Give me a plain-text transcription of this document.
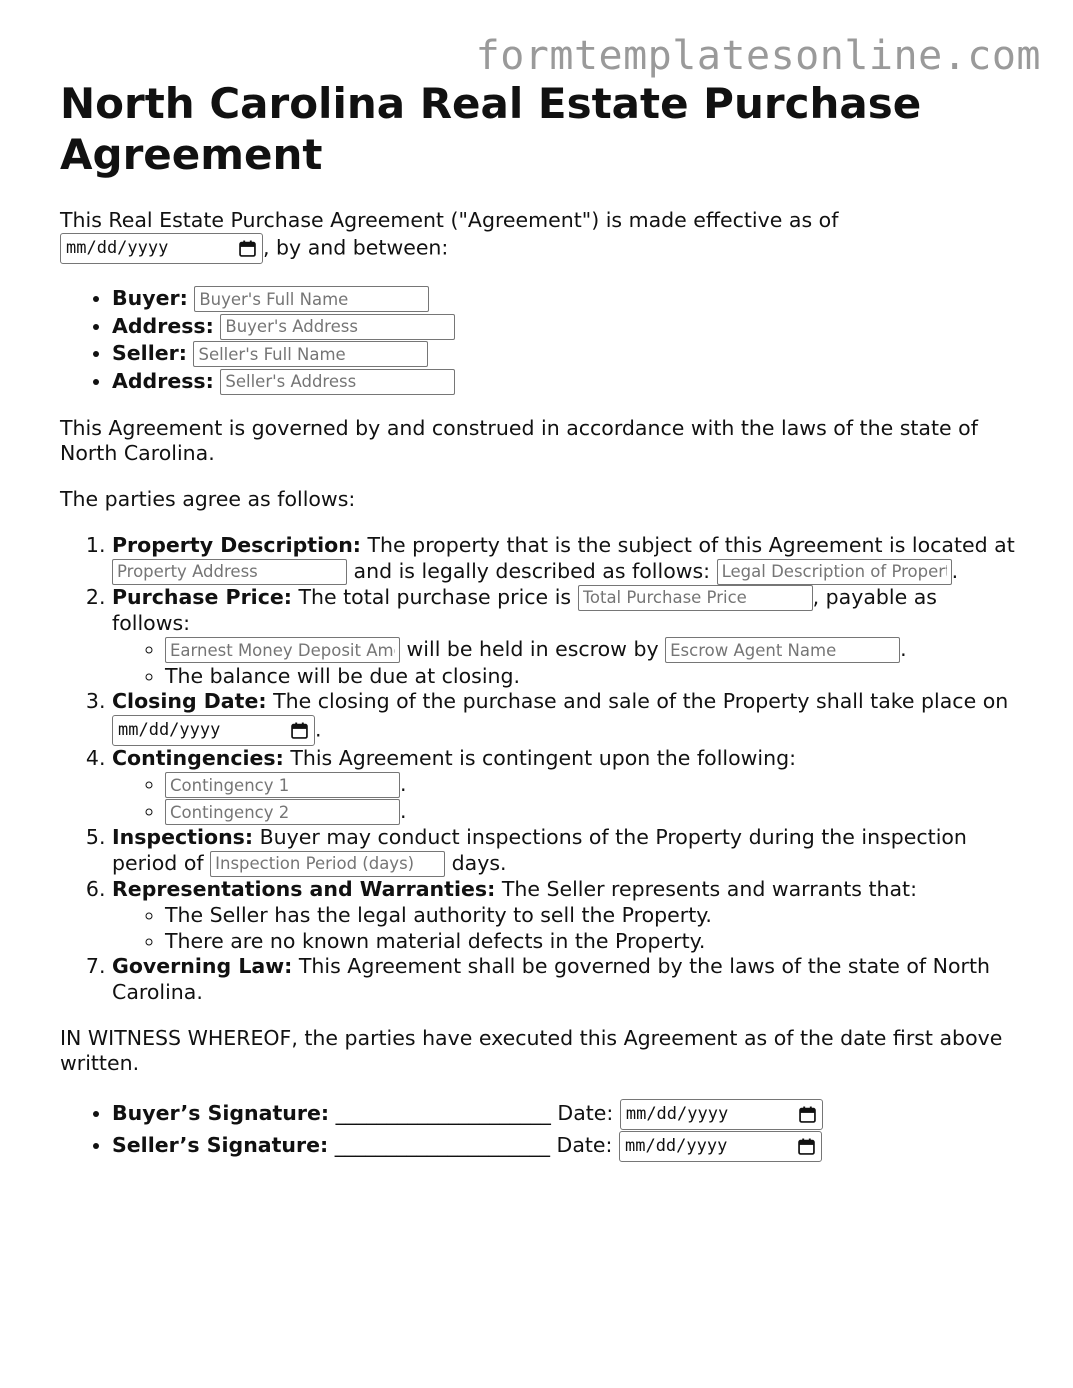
formtemplatesonline.com
North Carolina Real Estate Purchase Agreement

This Real Estate Purchase Agreement ("Agreement") is made effective as of
mm/dd/yyyy	, by and between:

• Buyer: Buyer's Full Name
• Address: Buyer's Address
• Seller: Seller's Full Name
• Address: Seller's Address

This Agreement is governed by and construed in accordance with the laws of the state of North Carolina.

The parties agree as follows:

1. Property Description: The property that is the subject of this Agreement is located at Property Address and is legally described as follows: Legal Description of Property	.
2. Purchase Price: The total purchase price is Total Purchase Price	, payable as follows:
Earnest Money Deposit Amount ◦ will be held in escrow by Escrow Agent Name	.
◦ The balance will be due at closing.
3. Closing Date: The closing of the purchase and sale of the Property shall take place on mm/dd/yyyy	.
4. Contingencies: This Agreement is contingent upon the following:
Contingency 1 ◦ .
Contingency 2 ◦ .
5. Inspections: Buyer may conduct inspections of the Property during the inspection period of Inspection Period (days)	days.
6. Representations and Warranties: The Seller represents and warrants that:
◦ The Seller has the legal authority to sell the Property.
◦ There are no known material defects in the Property.
7. Governing Law: This Agreement shall be governed by the laws of the state of North Carolina.

IN WITNESS WHEREOF, the parties have executed this Agreement as of the date first above written.

• Buyer’s Signature: _____________________ Date: mm/dd/yyyy
• Seller’s Signature: _____________________ Date: mm/dd/yyyy
